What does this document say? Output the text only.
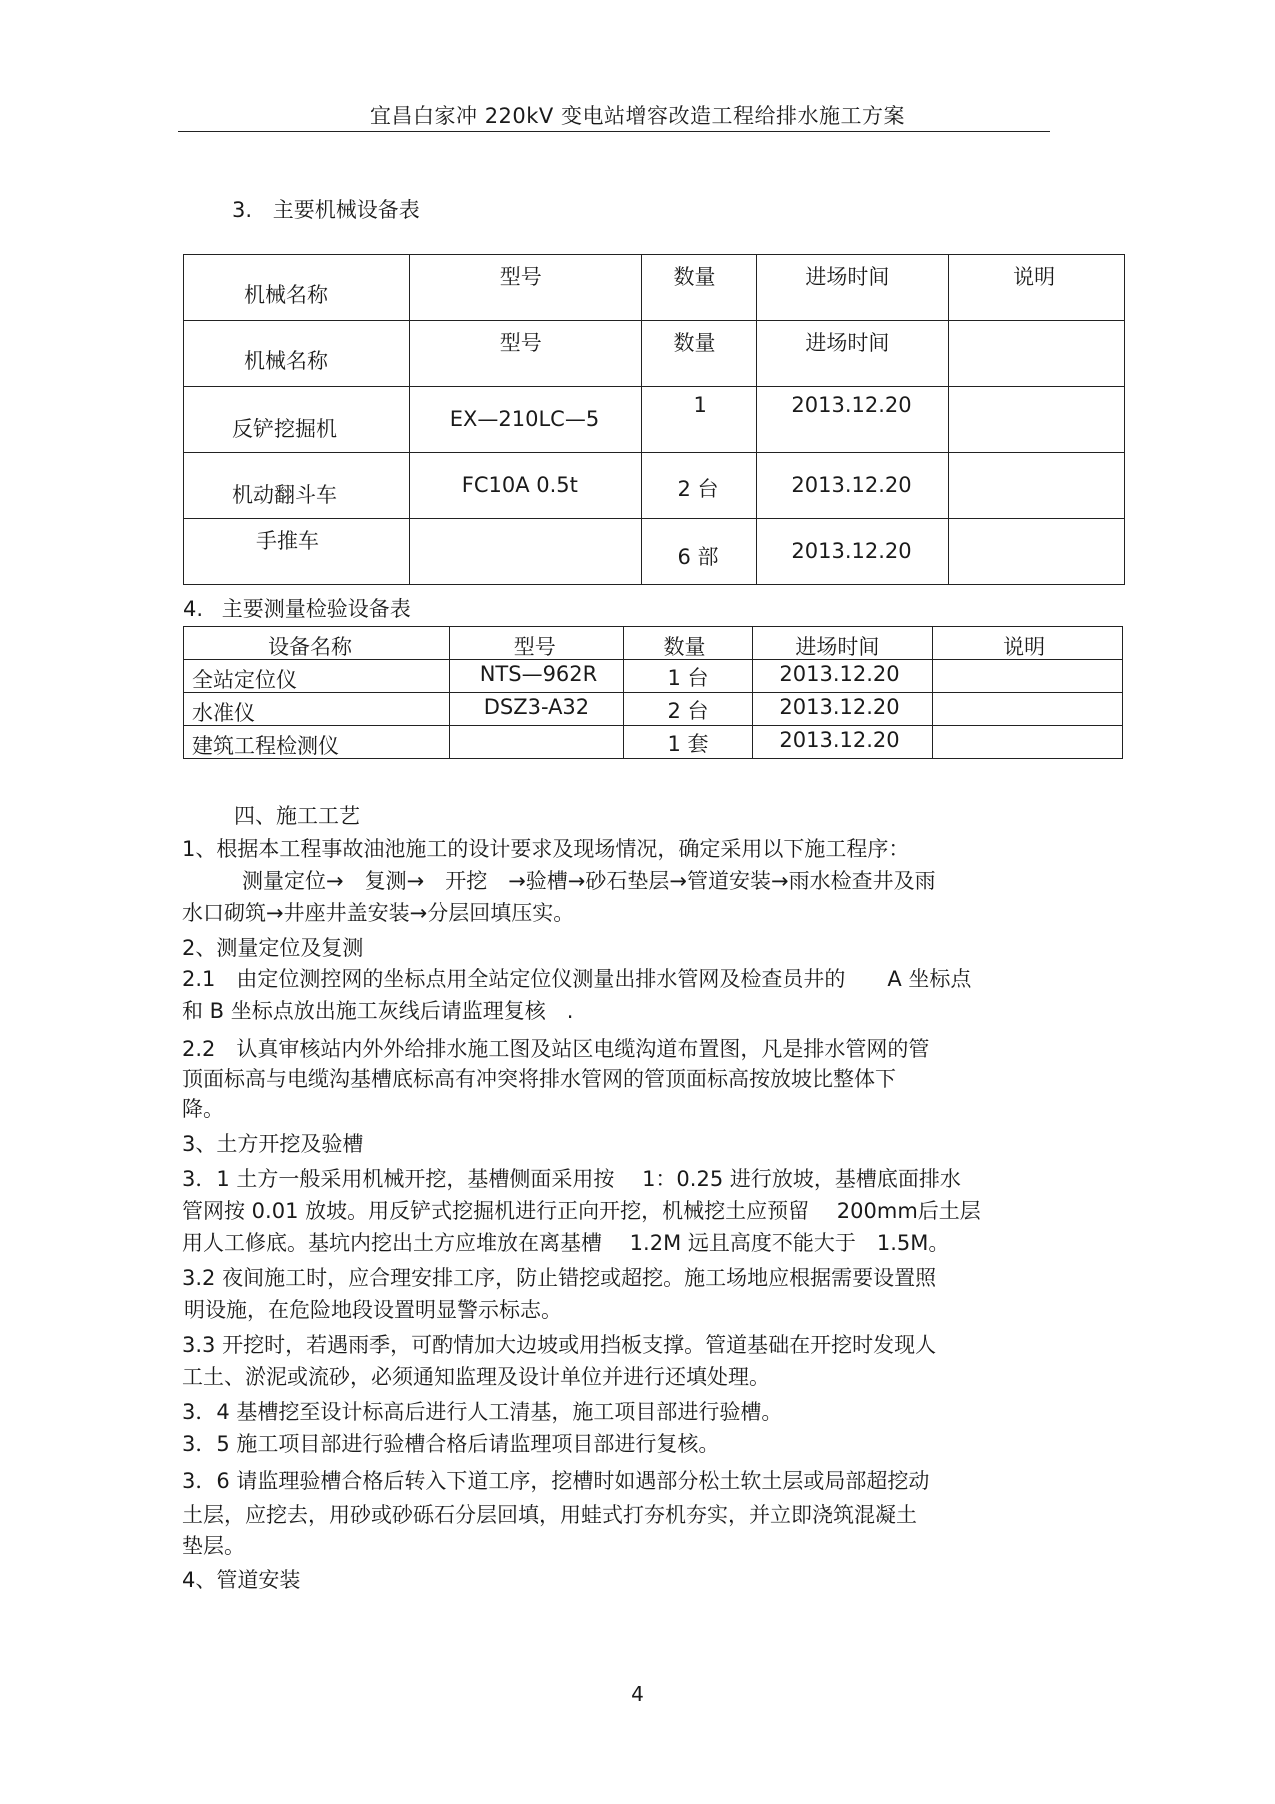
宜昌白家冲 220kV 变电站增容改造工程给排水施工方案
3. 主要机械设备表
机械名称	型号	数量	进场时间	说明

机械名称	型号	数量	进场时间	

反铲挖掘机	EX—210LC—5	1	2013.12.20	

机动翻斗车	FC10A 0.5t	2 台	2013.12.20	

手推车		6 部	2013.12.20	

4. 主要测量检验设备表
设备名称	型号	数量	进场时间	说明

全站定位仪	NTS—962R	1 台	2013.12.20	

水准仪	DSZ3-A32	2 台	2013.12.20	

建筑工程检测仪		1 套	2013.12.20	

四、施工工艺
1、根据本工程事故油池施工的设计要求及现场情况，确定采用以下施工程序：
测量定位→　复测→　开挖　→验槽→砂石垫层→管道安装→雨水检查井及雨
水口砌筑→井座井盖安装→分层回填压实。
2、测量定位及复测
2.1　由定位测控网的坐标点用全站定位仪测量出排水管网及检查员井的　　A 坐标点
和 B 坐标点放出施工灰线后请监理复核　.
2.2　认真审核站内外外给排水施工图及站区电缆沟道布置图，凡是排水管网的管
顶面标高与电缆沟基槽底标高有冲突将排水管网的管顶面标高按放坡比整体下
降。
3、土方开挖及验槽
3．1 土方一般采用机械开挖，基槽侧面采用按　 1：0.25 进行放坡，基槽底面排水
管网按 0.01 放坡。用反铲式挖掘机进行正向开挖，机械挖土应预留　 200mm后土层
用人工修底。基坑内挖出土方应堆放在离基槽　 1.2M 远且高度不能大于　1.5M。
3.2 夜间施工时，应合理安排工序，防止错挖或超挖。施工场地应根据需要设置照
明设施，在危险地段设置明显警示标志。
3.3 开挖时，若遇雨季，可酌情加大边坡或用挡板支撑。管道基础在开挖时发现人
工土、淤泥或流砂，必须通知监理及设计单位并进行还填处理。
3．4 基槽挖至设计标高后进行人工清基，施工项目部进行验槽。
3．5 施工项目部进行验槽合格后请监理项目部进行复核。
3．6 请监理验槽合格后转入下道工序，挖槽时如遇部分松土软土层或局部超挖动
土层，应挖去，用砂或砂砾石分层回填，用蛙式打夯机夯实，并立即浇筑混凝土
垫层。
4、管道安装
4
